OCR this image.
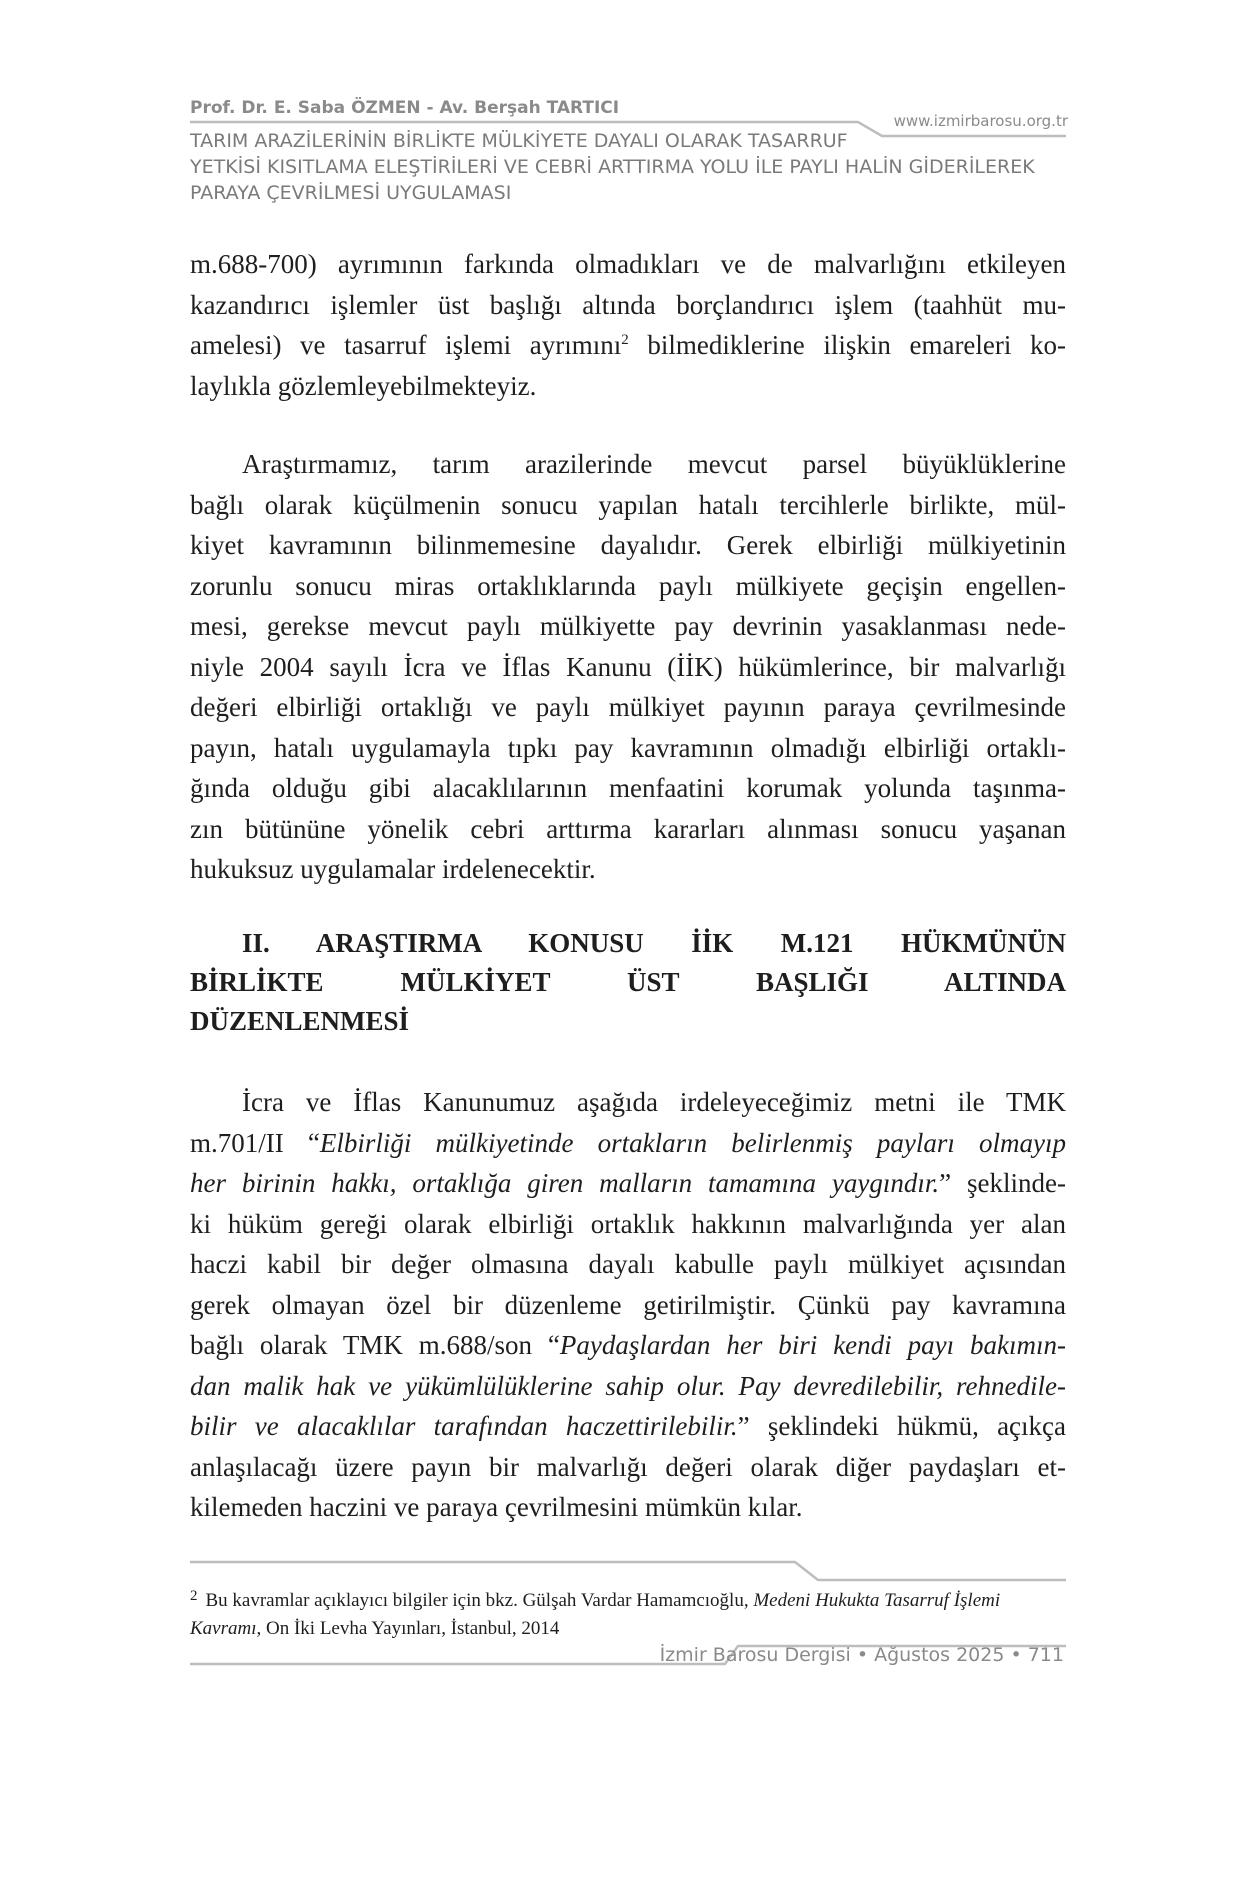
Prof. Dr. E. Saba ÖZMEN - Av. Berşah TARTICI
www.izmirbarosu.org.tr
TARIM ARAZİLERİNİN BİRLİKTE MÜLKİYETE DAYALI OLARAK TASARRUF
YETKİSİ KISITLAMA ELEŞTİRİLERİ VE CEBRİ ARTTIRMA YOLU İLE PAYLI HALİN GİDERİLEREK
PARAYA ÇEVRİLMESİ UYGULAMASI
m.688-700) ayrımının farkında olmadıkları ve de malvarlığını etkileyen
kazandırıcı işlemler üst başlığı altında borçlandırıcı işlem (taahhüt mu-
amelesi) ve tasarruf işlemi ayrımını$^2$ bilmediklerine ilişkin emareleri ko-
laylıkla gözlemleyebilmekteyiz.
Araştırmamız, tarım arazilerinde mevcut parsel büyüklüklerine
bağlı olarak küçülmenin sonucu yapılan hatalı tercihlerle birlikte, mül-
kiyet kavramının bilinmemesine dayalıdır. Gerek elbirliği mülkiyetinin
zorunlu sonucu miras ortaklıklarında paylı mülkiyete geçişin engellen-
mesi, gerekse mevcut paylı mülkiyette pay devrinin yasaklanması nede-
niyle 2004 sayılı İcra ve İflas Kanunu (İİK) hükümlerince, bir malvarlığı
değeri elbirliği ortaklığı ve paylı mülkiyet payının paraya çevrilmesinde
payın, hatalı uygulamayla tıpkı pay kavramının olmadığı elbirliği ortaklı-
ğında olduğu gibi alacaklılarının menfaatini korumak yolunda taşınma-
zın bütününe yönelik cebri arttırma kararları alınması sonucu yaşanan
hukuksuz uygulamalar irdelenecektir.
II. ARAŞTIRMA KONUSU İİK M.121 HÜKMÜNÜN
BİRLİKTE MÜLKİYET ÜST BAŞLIĞI ALTINDA
DÜZENLENMESİ
İcra ve İflas Kanunumuz aşağıda irdeleyeceğimiz metni ile TMK
m.701/II “Elbirliği mülkiyetinde ortakların belirlenmiş payları olmayıp
her birinin hakkı, ortaklığa giren malların tamamına yaygındır.” şeklinde-
ki hüküm gereği olarak elbirliği ortaklık hakkının malvarlığında yer alan
haczi kabil bir değer olmasına dayalı kabulle paylı mülkiyet açısından
gerek olmayan özel bir düzenleme getirilmiştir. Çünkü pay kavramına
bağlı olarak TMK m.688/son “Paydaşlardan her biri kendi payı bakımın-
dan malik hak ve yükümlülüklerine sahip olur. Pay devredilebilir, rehnedile-
bilir ve alacaklılar tarafından haczettirilebilir.” şeklindeki hükmü, açıkça
anlaşılacağı üzere payın bir malvarlığı değeri olarak diğer paydaşları et-
kilemeden haczini ve paraya çevrilmesini mümkün kılar.
$^2$ Bu kavramlar açıklayıcı bilgiler için bkz. Gülşah Vardar Hamamcıoğlu, Medeni Hukukta Tasarruf İşlemi Kavramı, On İki Levha Yayınları, İstanbul, 2014
İzmir Barosu Dergisi • Ağustos 2025 • 711
